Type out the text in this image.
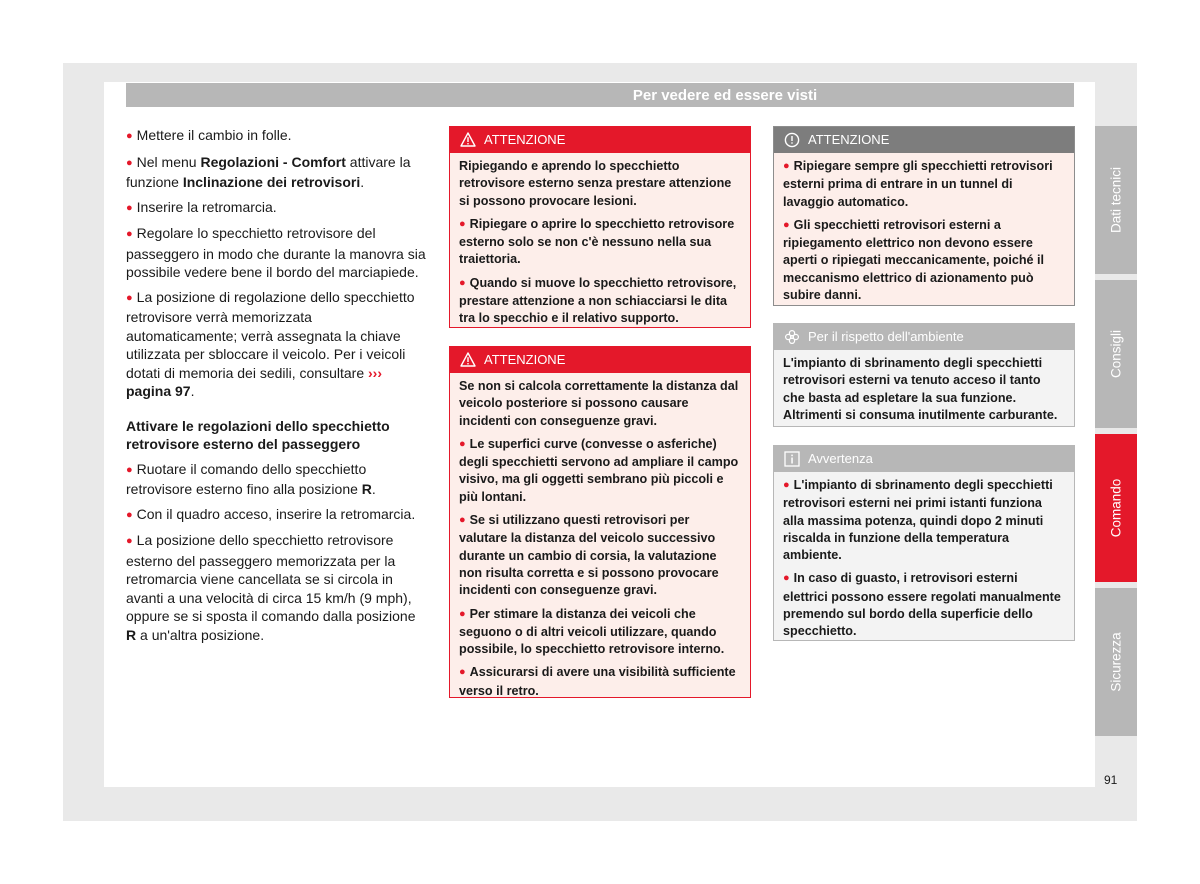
Per vedere ed essere visti

● Mettere il cambio in folle.

● Nel menu Regolazioni - Comfort attivare la funzione Inclinazione dei retrovisori.

● Inserire la retromarcia.

● Regolare lo specchietto retrovisore del passeggero in modo che durante la manovra sia possibile vedere bene il bordo del marciapiede.

● La posizione di regolazione dello specchietto retrovisore verrà memorizzata automaticamente; verrà assegnata la chiave utilizzata per sbloccare il veicolo. Per i veicoli dotati di memoria dei sedili, consultare ››› pagina 97.

Attivare le regolazioni dello specchietto retrovisore esterno del passeggero

● Ruotare il comando dello specchietto retrovisore esterno fino alla posizione R.

● Con il quadro acceso, inserire la retromarcia.

● La posizione dello specchietto retrovisore esterno del passeggero memorizzata per la retromarcia viene cancellata se si circola in avanti a una velocità di circa 15 km/h (9 mph), oppure se si sposta il comando dalla posizione R a un'altra posizione.

ATTENZIONE

Ripiegando e aprendo lo specchietto retrovisore esterno senza prestare attenzione si possono provocare lesioni.

● Ripiegare o aprire lo specchietto retrovisore esterno solo se non c'è nessuno nella sua traiettoria.

● Quando si muove lo specchietto retrovisore, prestare attenzione a non schiacciarsi le dita tra lo specchio e il relativo supporto.

ATTENZIONE

Se non si calcola correttamente la distanza dal veicolo posteriore si possono causare incidenti con conseguenze gravi.

● Le superfici curve (convesse o asferiche) degli specchietti servono ad ampliare il campo visivo, ma gli oggetti sembrano più piccoli e più lontani.

● Se si utilizzano questi retrovisori per valutare la distanza del veicolo successivo durante un cambio di corsia, la valutazione non risulta corretta e si possono provocare incidenti con conseguenze gravi.

● Per stimare la distanza dei veicoli che seguono o di altri veicoli utilizzare, quando possibile, lo specchietto retrovisore interno.

● Assicurarsi di avere una visibilità sufficiente verso il retro.

ATTENZIONE

● Ripiegare sempre gli specchietti retrovisori esterni prima di entrare in un tunnel di lavaggio automatico.

● Gli specchietti retrovisori esterni a ripiegamento elettrico non devono essere aperti o ripiegati meccanicamente, poiché il meccanismo elettrico di azionamento può subire danni.

Per il rispetto dell'ambiente

L'impianto di sbrinamento degli specchietti retrovisori esterni va tenuto acceso il tanto che basta ad espletare la sua funzione. Altrimenti si consuma inutilmente carburante.

Avvertenza

● L'impianto di sbrinamento degli specchietti retrovisori esterni nei primi istanti funziona alla massima potenza, quindi dopo 2 minuti riscalda in funzione della temperatura ambiente.

● In caso di guasto, i retrovisori esterni elettrici possono essere regolati manualmente premendo sul bordo della superficie dello specchietto.

Dati tecnici
Consigli
Comando
Sicurezza
91
